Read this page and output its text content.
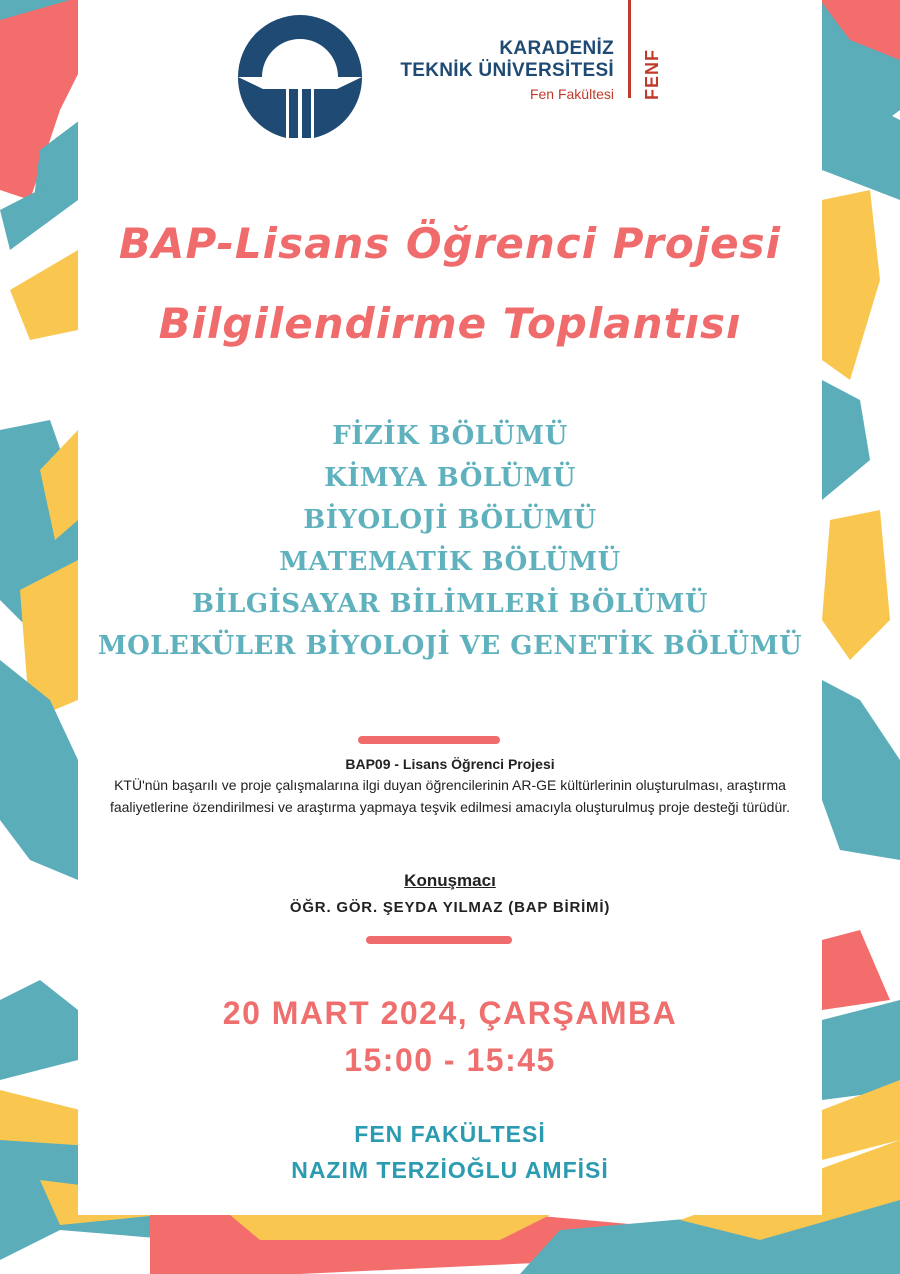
KARADENİZ
TEKNİK ÜNİVERSİTESİ
Fen Fakültesi FENF
BAP-Lisans Öğrenci Projesi
Bilgilendirme Toplantısı
FİZİK BÖLÜMÜ
KİMYA BÖLÜMÜ
BİYOLOJİ BÖLÜMÜ
MATEMATİK BÖLÜMÜ
BİLGİSAYAR BİLİMLERİ BÖLÜMÜ
MOLEKÜLER BİYOLOJİ VE GENETİK BÖLÜMÜ
BAP09 - Lisans Öğrenci Projesi
KTÜ'nün başarılı ve proje çalışmalarına ilgi duyan öğrencilerinin AR-GE kültürlerinin oluşturulması, araştırma faaliyetlerine özendirilmesi ve araştırma yapmaya teşvik edilmesi amacıyla oluşturulmuş proje desteği türüdür.
Konuşmacı
ÖĞR. GÖR. ŞEYDA YILMAZ (BAP BİRİMİ)
20 MART 2024, ÇARŞAMBA
15:00 - 15:45
FEN FAKÜLTESİ
NAZIM TERZİOĞLU AMFİSİ
